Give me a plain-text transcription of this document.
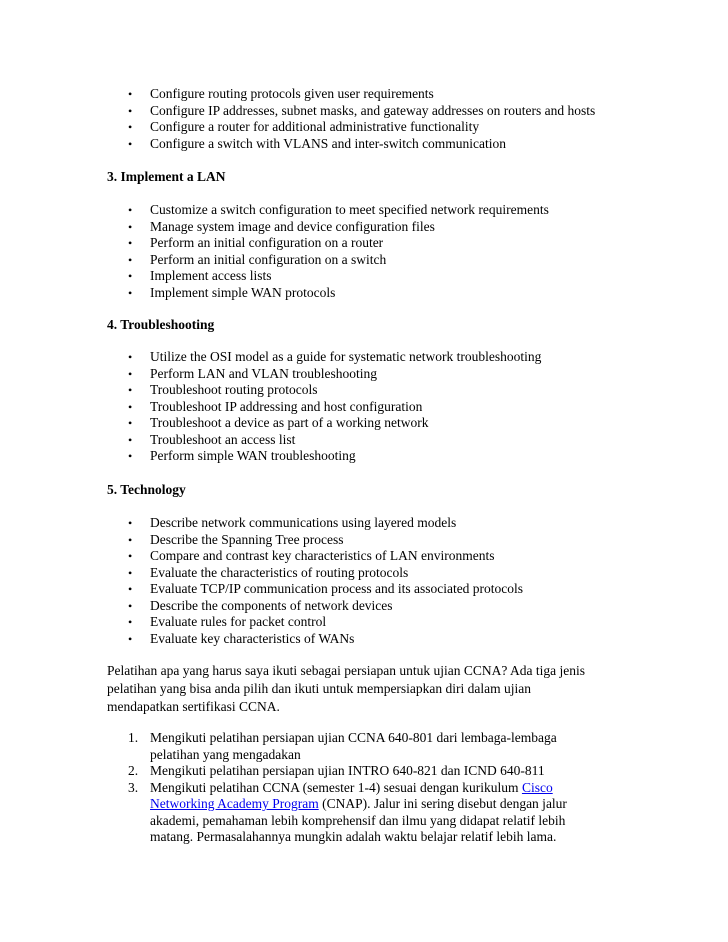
• Configure routing protocols given user requirements
• Configure IP addresses, subnet masks, and gateway addresses on routers and hosts
• Configure a router for additional administrative functionality
• Configure a switch with VLANS and inter-switch communication
3. Implement a LAN
• Customize a switch configuration to meet specified network requirements
• Manage system image and device configuration files
• Perform an initial configuration on a router
• Perform an initial configuration on a switch
• Implement access lists
• Implement simple WAN protocols
4. Troubleshooting
• Utilize the OSI model as a guide for systematic network troubleshooting
• Perform LAN and VLAN troubleshooting
• Troubleshoot routing protocols
• Troubleshoot IP addressing and host configuration
• Troubleshoot a device as part of a working network
• Troubleshoot an access list
• Perform simple WAN troubleshooting
5. Technology
• Describe network communications using layered models
• Describe the Spanning Tree process
• Compare and contrast key characteristics of LAN environments
• Evaluate the characteristics of routing protocols
• Evaluate TCP/IP communication process and its associated protocols
• Describe the components of network devices
• Evaluate rules for packet control
• Evaluate key characteristics of WANs
Pelatihan apa yang harus saya ikuti sebagai persiapan untuk ujian CCNA? Ada tiga jenis
pelatihan yang bisa anda pilih dan ikuti untuk mempersiapkan diri dalam ujian
mendapatkan sertifikasi CCNA.
1. Mengikuti pelatihan persiapan ujian CCNA 640-801 dari lembaga-lembaga
pelatihan yang mengadakan
2. Mengikuti pelatihan persiapan ujian INTRO 640-821 dan ICND 640-811
3. Mengikuti pelatihan CCNA (semester 1-4) sesuai dengan kurikulum Cisco
Networking Academy Program (CNAP). Jalur ini sering disebut dengan jalur
akademi, pemahaman lebih komprehensif dan ilmu yang didapat relatif lebih
matang. Permasalahannya mungkin adalah waktu belajar relatif lebih lama.
